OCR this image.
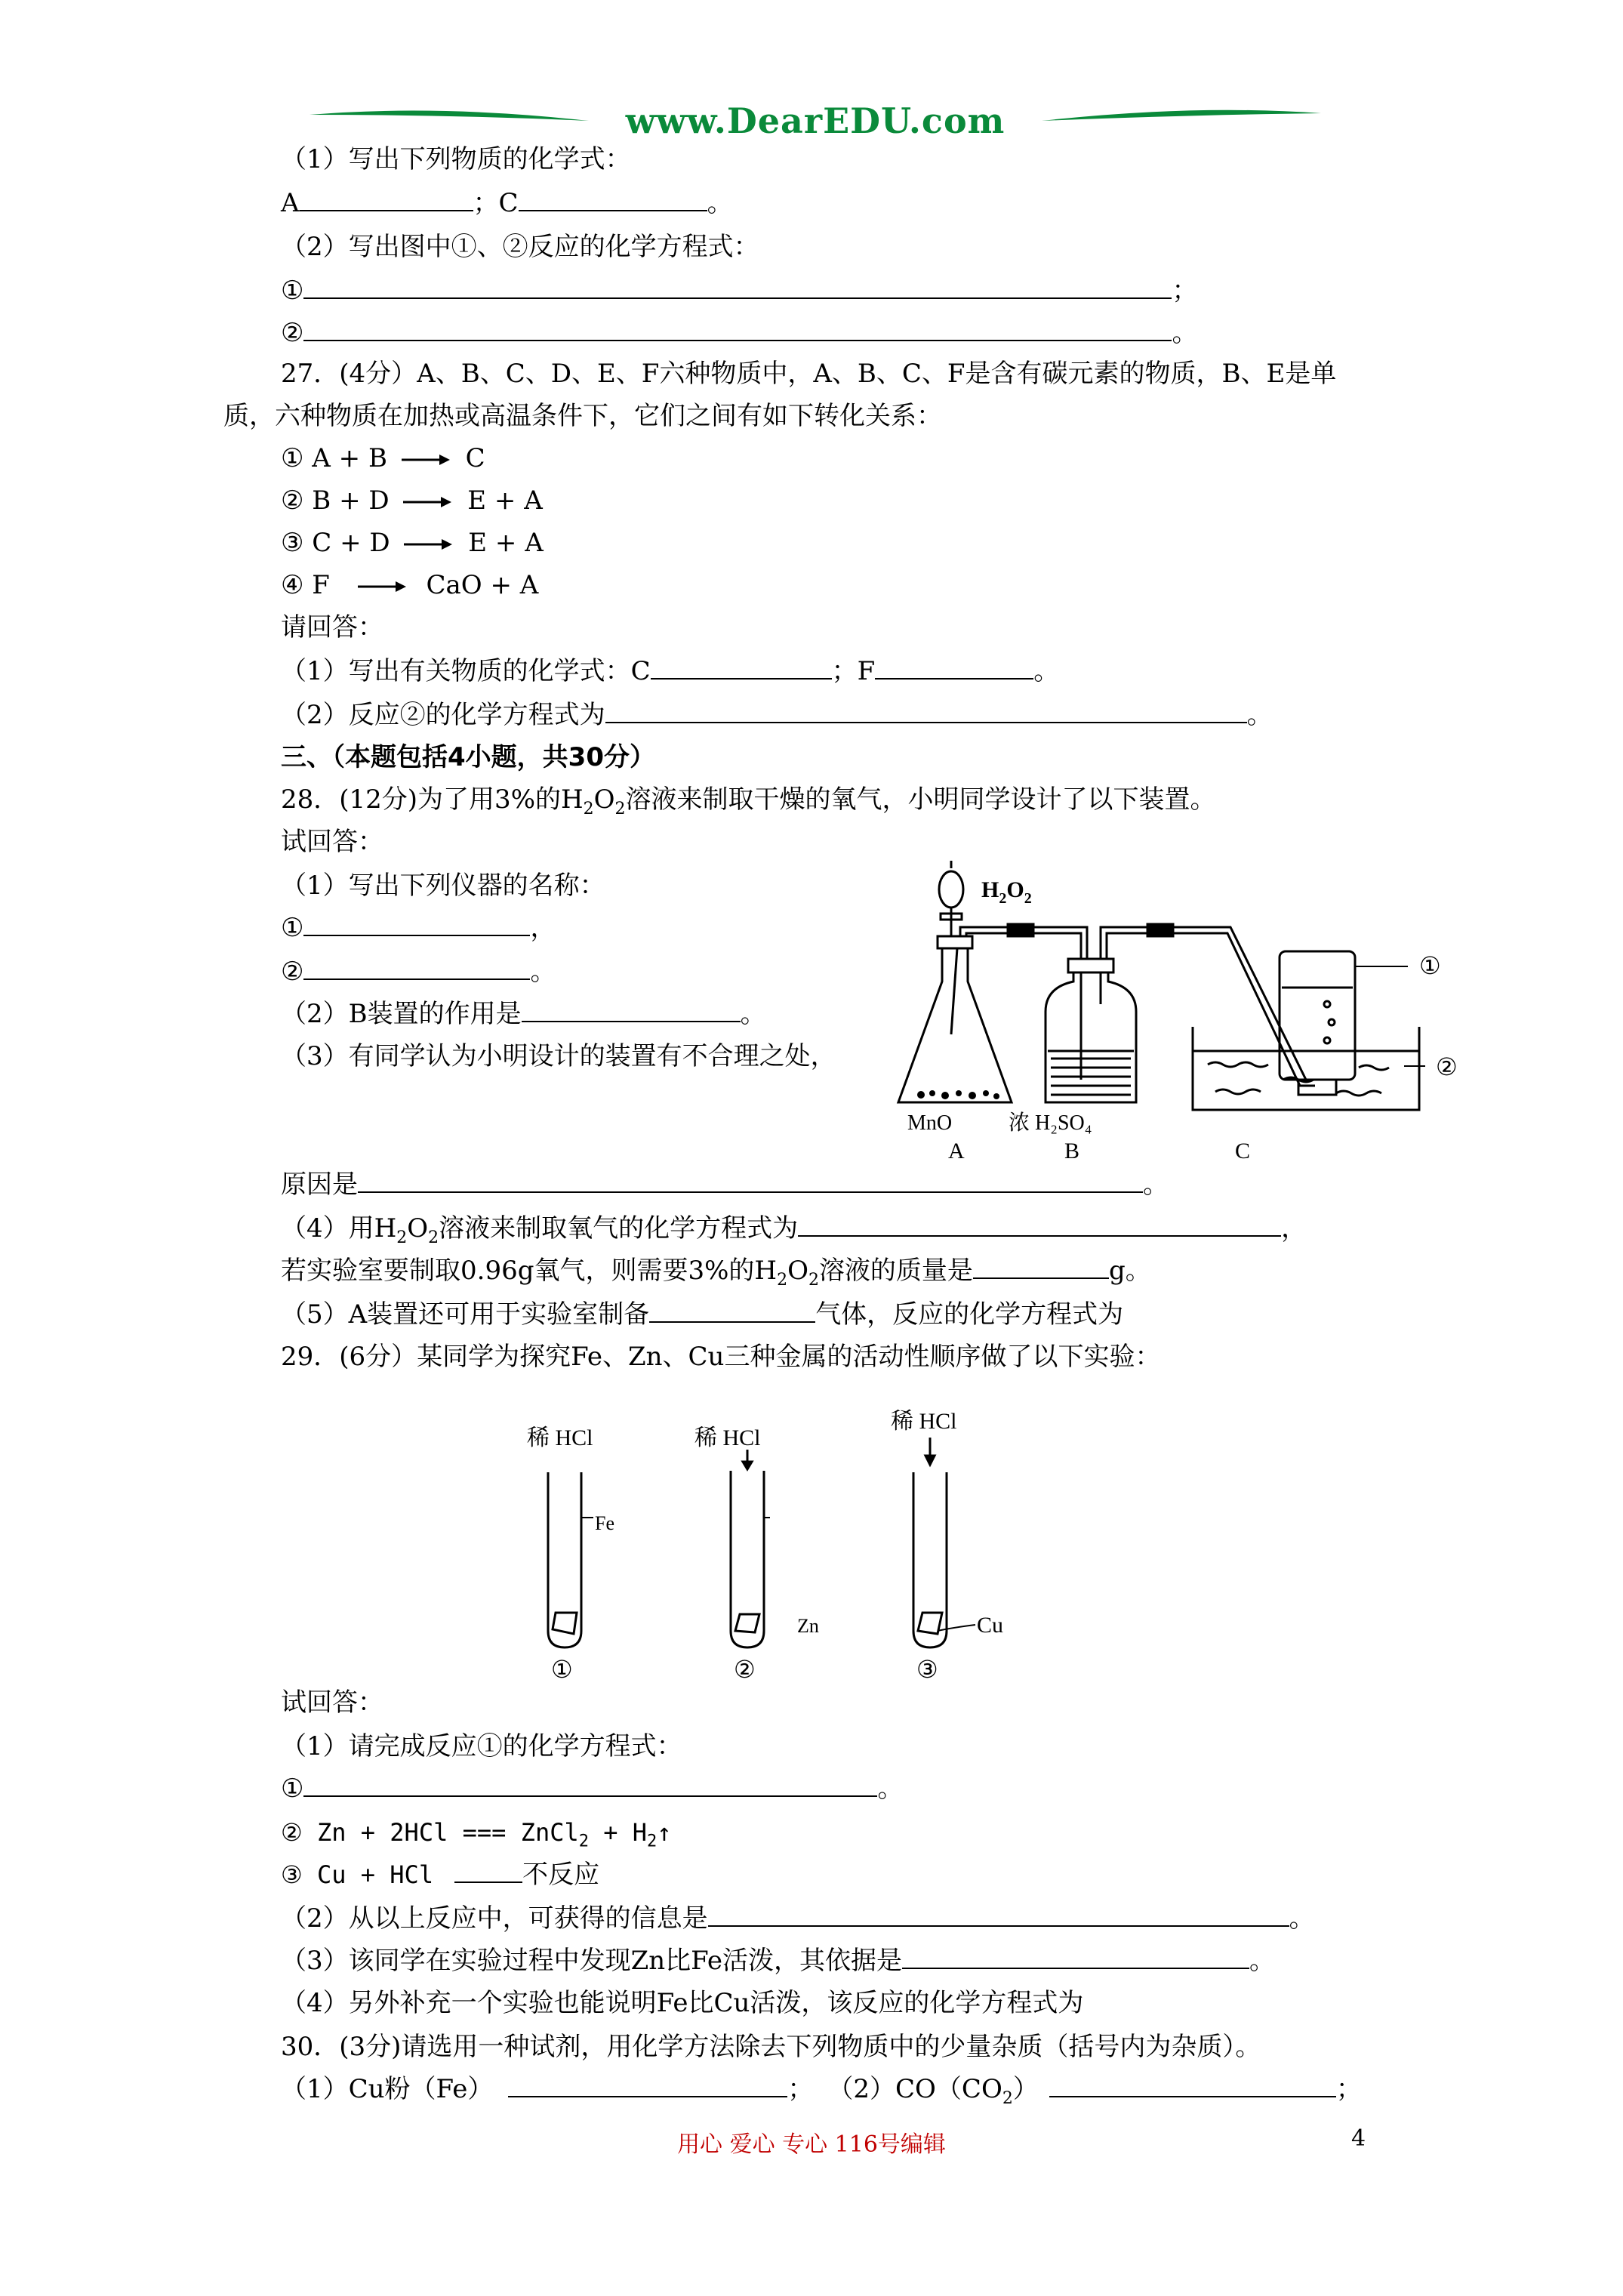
www.DearEDU.com
（1）写出下列物质的化学式：
A	；C	。
（2）写出图中①、②反应的化学方程式：
①	；
②	。
27．(4分）A、B、C、D、E、F六种物质中，A、B、C、F是含有碳元素的物质，B、E是单
质，六种物质在加热或高温条件下，它们之间有如下转化关系：
① A + B	C
② B + D	E + A
③ C + D	E + A
④ F	CaO + A
请回答：
（1）写出有关物质的化学式：C	；F	。
（2）反应②的化学方程式为	。
三、（本题包括4小题，共30分）
28．(12分)为了用3%的$H_2O_2$溶液来制取干燥的氧气，小明同学设计了以下装置。
试回答：
（1）写出下列仪器的名称：
①	，
②	。
（2）B装置的作用是	。
（3）有同学认为小明设计的装置有不合理之处，
原因是	。
（4）用$H_2O_2$溶液来制取氧气的化学方程式为	，
若实验室要制取0.96g氧气，则需要3%的$H_2O_2$溶液的质量是	g。
（5）A装置还可用于实验室制备	气体，反应的化学方程式为
$H_2O_2$
①
②
MnO	浓 H₂SO₄
A	B	C
29．(6分）某同学为探究Fe、Zn、Cu三种金属的活动性顺序做了以下实验：
稀 HCl	稀 HCl
稀 HCl
Fe
Zn	Cu
①	②	③
试回答：
（1）请完成反应①的化学方程式：
①	。
② Zn + 2HCl === ZnCl$_2$ + $H_2↑$
③ Cu + HCl	不反应
（2）从以上反应中，可获得的信息是	。
（3）该同学在实验过程中发现Zn比Fe活泼，其依据是	。
（4）另外补充一个实验也能说明Fe比Cu活泼，该反应的化学方程式为
30．(3分)请选用一种试剂，用化学方法除去下列物质中的少量杂质（括号内为杂质）。
（1）Cu粉（Fe）	； $(2)CO(CO_2)$	；
用心 爱心 专心 116号编辑	4
